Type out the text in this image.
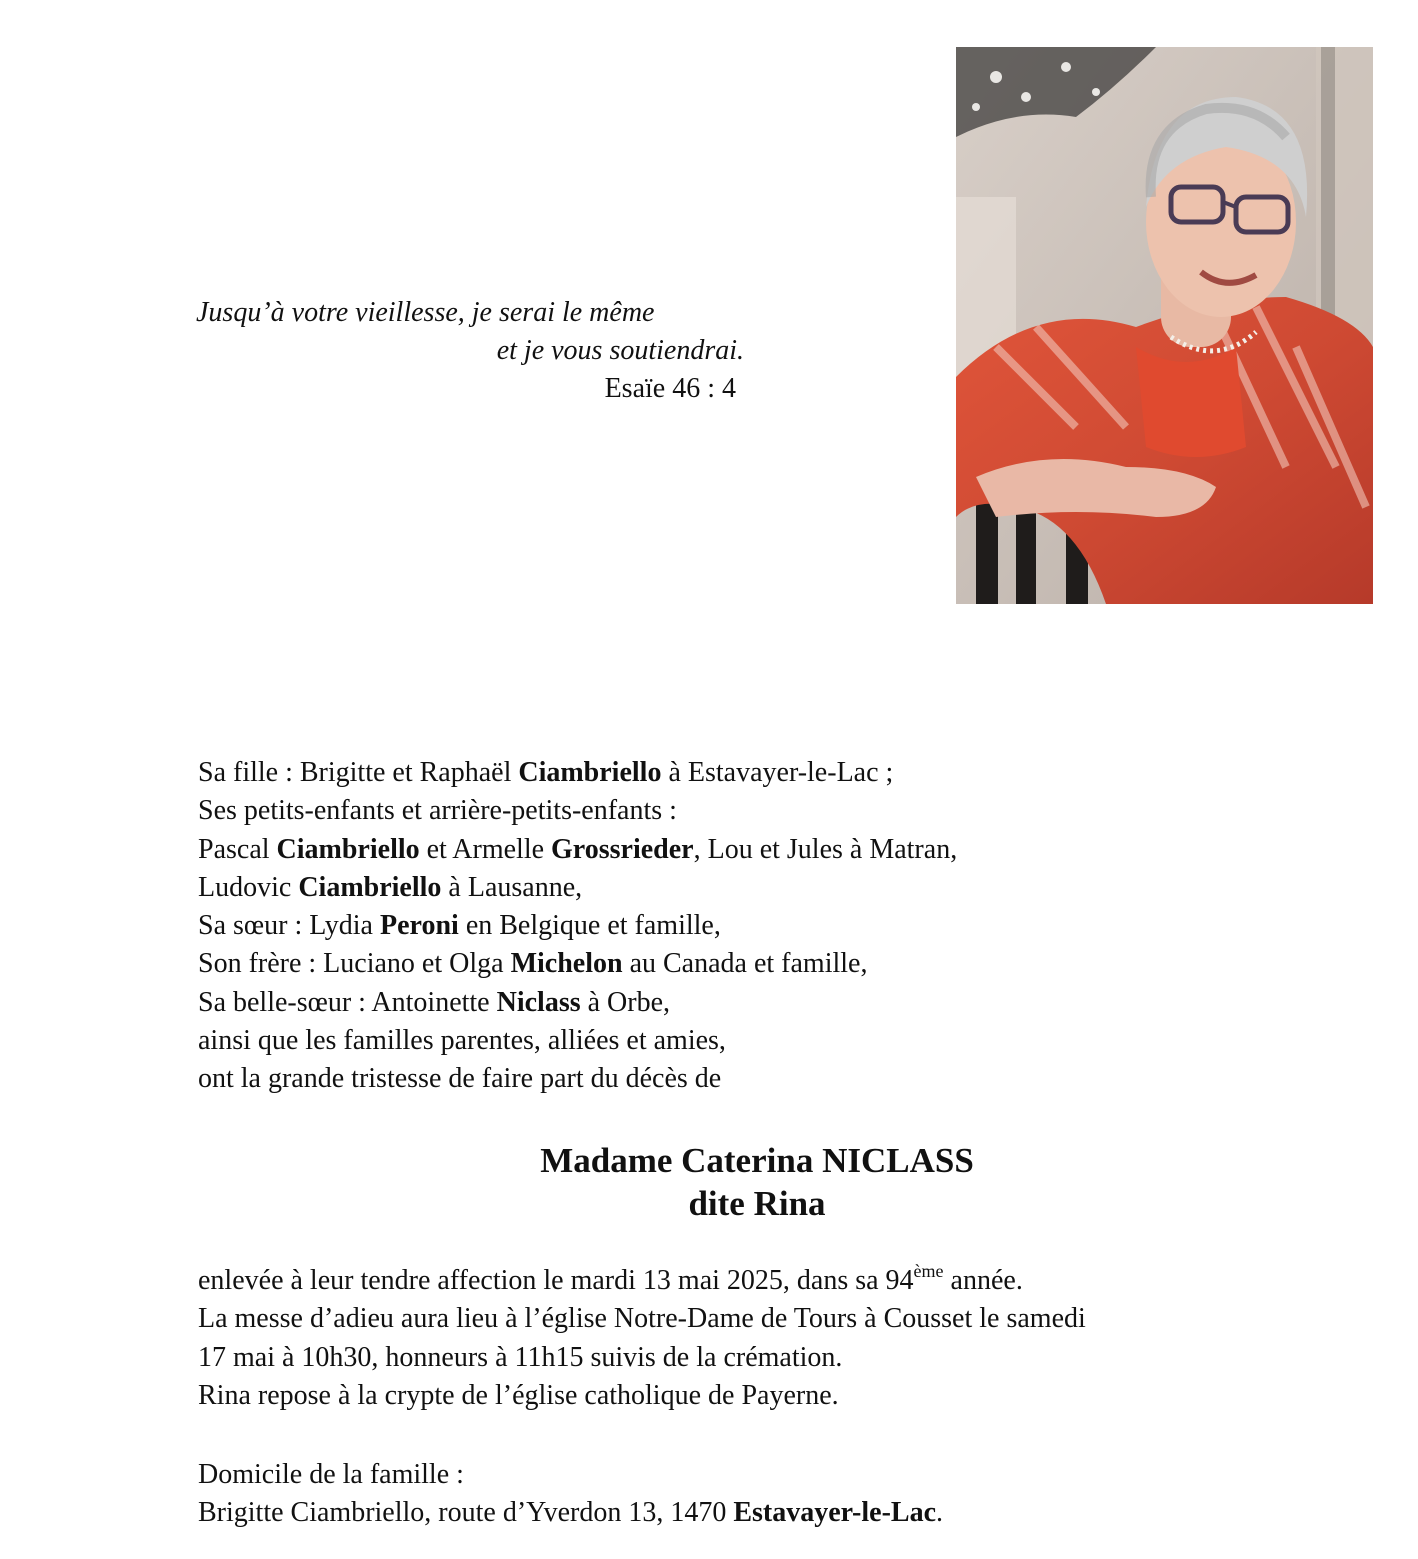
Jusqu’à votre vieillesse, je serai le même
et je vous soutiendrai.
Esaïe 46 : 4
Sa fille : Brigitte et Raphaël Ciambriello à Estavayer-le-Lac ;
Ses petits-enfants et arrière-petits-enfants :
Pascal Ciambriello et Armelle Grossrieder, Lou et Jules à Matran,
Ludovic Ciambriello à Lausanne,
Sa sœur : Lydia Peroni en Belgique et famille,
Son frère : Luciano et Olga Michelon au Canada et famille,
Sa belle-sœur : Antoinette Niclass à Orbe,
ainsi que les familles parentes, alliées et amies,
ont la grande tristesse de faire part du décès de
Madame Caterina NICLASS
dite Rina
enlevée à leur tendre affection le mardi 13 mai 2025, dans sa 94ème année.
La messe d’adieu aura lieu à l’église Notre-Dame de Tours à Cousset le samedi
17 mai à 10h30, honneurs à 11h15 suivis de la crémation.
Rina repose à la crypte de l’église catholique de Payerne.
Domicile de la famille :
Brigitte Ciambriello, route d’Yverdon 13, 1470 Estavayer-le-Lac.
